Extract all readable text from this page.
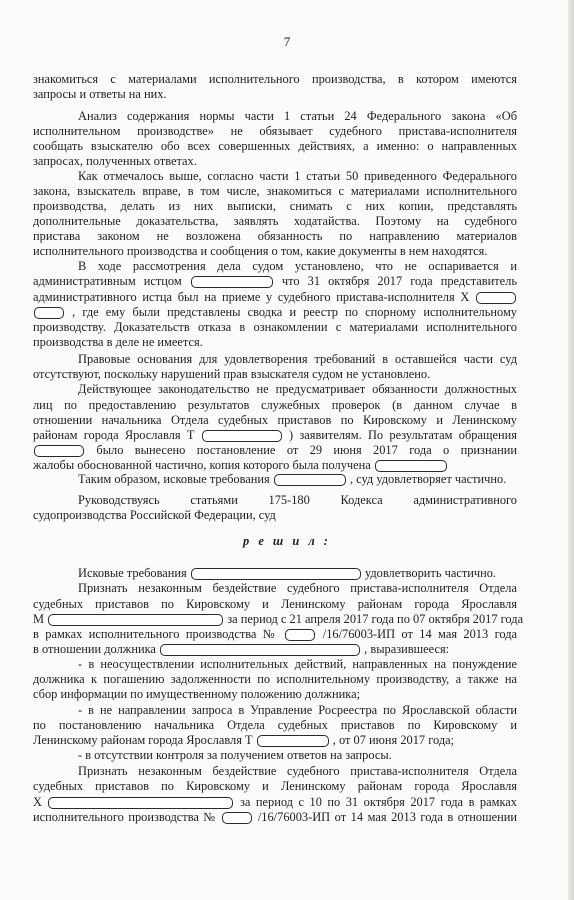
7
знакомиться с материалами исполнительного производства, в котором имеются
запросы и ответы на них.
Анализ содержания нормы части 1 статьи 24 Федерального закона «Об
исполнительном производстве» не обязывает судебного пристава-исполнителя
сообщать взыскателю обо всех совершенных действиях, а именно: о направленных
запросах, полученных ответах.
Как отмечалось выше, согласно части 1 статьи 50 приведенного Федерального
закона, взыскатель вправе, в том числе, знакомиться с материалами исполнительного
производства, делать из них выписки, снимать с них копии, представлять
дополнительные доказательства, заявлять ходатайства. Поэтому на судебного
пристава законом не возложена обязанность по направлению материалов
исполнительного производства и сообщения о том, какие документы в нем находятся.
В ходе рассмотрения дела судом установлено, что не оспаривается и
административным истцом	что 31 октября 2017 года представитель
административного истца был на приеме у судебного пристава-исполнителя Х
, где ему были представлены сводка и реестр по спорному исполнительному
производству. Доказательств отказа в ознакомлении с материалами исполнительного
производства в деле не имеется.
Правовые основания для удовлетворения требований в оставшейся части суд
отсутствуют, поскольку нарушений прав взыскателя судом не установлено.
Действующее законодательство не предусматривает обязанности должностных
лиц по предоставлению результатов служебных проверок (в данном случае в
отношении начальника Отдела судебных приставов по Кировскому и Ленинскому
районам города Ярославля Т	) заявителям. По результатам обращения
было вынесено постановление от 29 июня 2017 года о признании
жалобы обоснованной частично, копия которого была получена
Таким образом, исковые требования	, суд удовлетворяет частично.
Руководствуясь статьями 175-180 Кодекса административного
судопроизводства Российской Федерации, суд
Исковые требования	удовлетворить частично.
Признать незаконным бездействие судебного пристава-исполнителя Отдела
судебных приставов по Кировскому и Ленинскому районам города Ярославля
М	за период с 21 апреля 2017 года по 07 октября 2017 года
в рамках исполнительного производства №	/16/76003-ИП от 14 мая 2013 года
в отношении должника	, выразившееся:
- в неосуществлении исполнительных действий, направленных на понуждение
должника к погашению задолженности по исполнительному производству, а также на
сбор информации по имущественному положению должника;
- в не направлении запроса в Управление Росреестра по Ярославской области
по постановлению начальника Отдела судебных приставов по Кировскому и
Ленинскому районам города Ярославля Т	, от 07 июня 2017 года;
- в отсутствии контроля за получением ответов на запросы.
Признать незаконным бездействие судебного пристава-исполнителя Отдела
судебных приставов по Кировскому и Ленинскому районам города Ярославля
Х	за период с 10 по 31 октября 2017 года в рамках
исполнительного производства №	/16/76003-ИП от 14 мая 2013 года в отношении
р е ш и л :
